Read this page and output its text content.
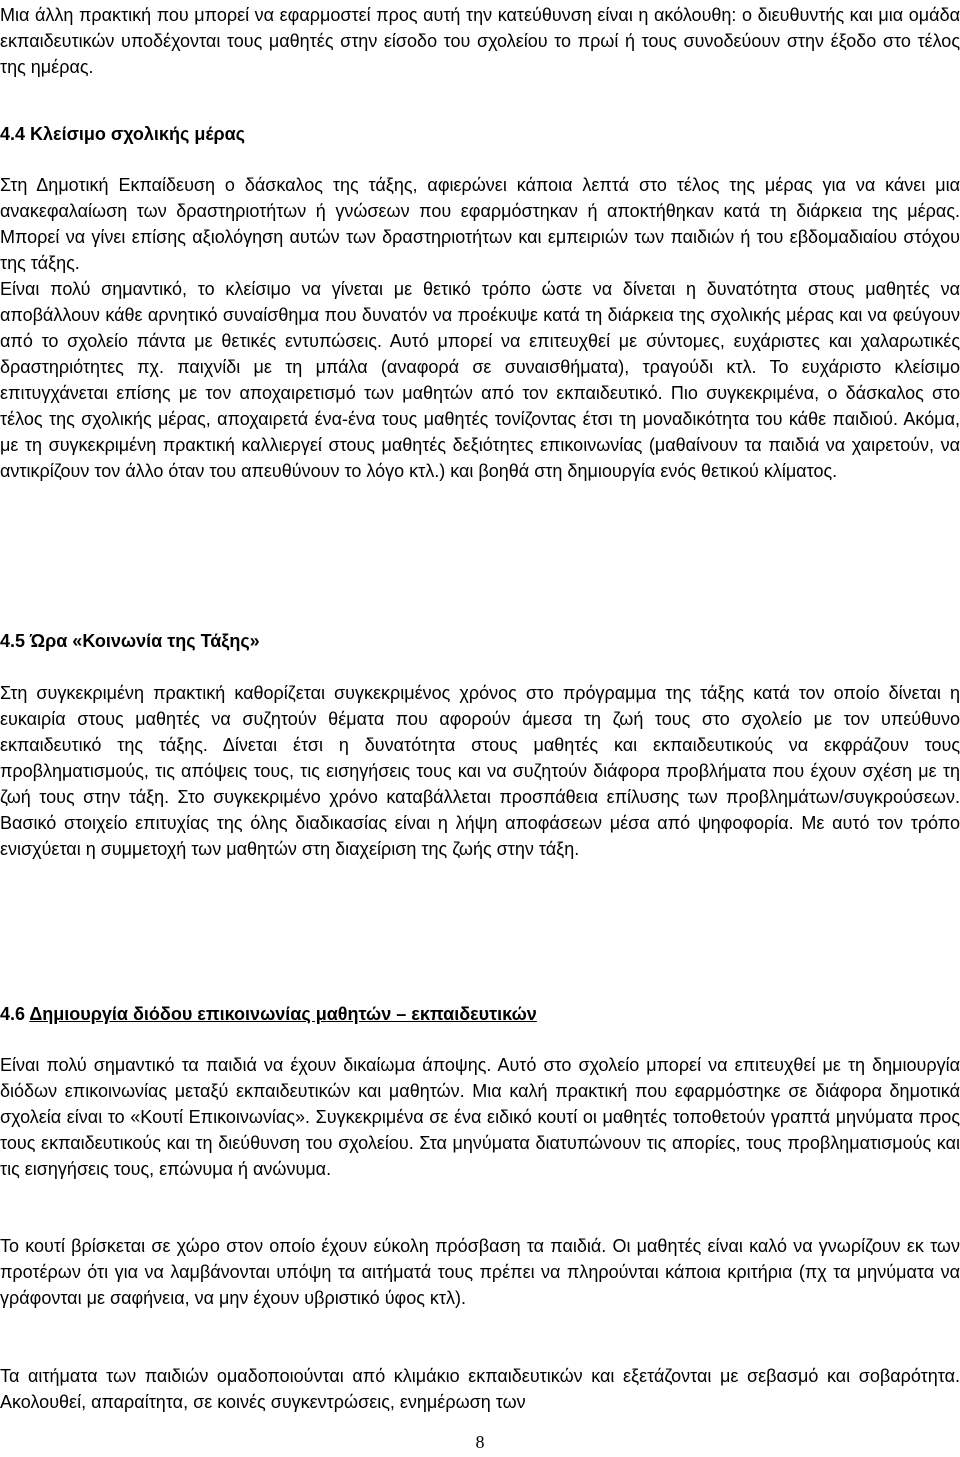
Μια άλλη πρακτική που μπορεί να εφαρμοστεί προς αυτή την κατεύθυνση είναι η ακόλουθη: ο διευθυντής και μια ομάδα εκπαιδευτικών υποδέχονται τους μαθητές στην είσοδο του σχολείου το πρωί ή τους συνοδεύουν στην έξοδο στο τέλος της ημέρας.

4.4 Κλείσιμο σχολικής μέρας

Στη Δημοτική Εκπαίδευση ο δάσκαλος της τάξης, αφιερώνει κάποια λεπτά στο τέλος της μέρας για να κάνει μια ανακεφαλαίωση των δραστηριοτήτων ή γνώσεων που εφαρμόστηκαν ή αποκτήθηκαν κατά τη διάρκεια της μέρας. Μπορεί να γίνει επίσης αξιολόγηση αυτών των δραστηριοτήτων και εμπειριών των παιδιών ή του εβδομαδιαίου στόχου της τάξης.

Είναι πολύ σημαντικό, το κλείσιμο να γίνεται με θετικό τρόπο ώστε να δίνεται η δυνατότητα στους μαθητές να αποβάλλουν κάθε αρνητικό συναίσθημα που δυνατόν να προέκυψε κατά τη διάρκεια της σχολικής μέρας και να φεύγουν από το σχολείο πάντα με θετικές εντυπώσεις. Αυτό μπορεί να επιτευχθεί με σύντομες, ευχάριστες και χαλαρωτικές δραστηριότητες πχ. παιχνίδι με τη μπάλα (αναφορά σε συναισθήματα), τραγούδι κτλ. Το ευχάριστο κλείσιμο επιτυγχάνεται επίσης με τον αποχαιρετισμό των μαθητών από τον εκπαιδευτικό. Πιο συγκεκριμένα, ο δάσκαλος στο τέλος της σχολικής μέρας, αποχαιρετά ένα-ένα τους μαθητές τονίζοντας έτσι τη μοναδικότητα του κάθε παιδιού. Ακόμα, με τη συγκεκριμένη πρακτική καλλιεργεί στους μαθητές δεξιότητες επικοινωνίας (μαθαίνουν τα παιδιά να χαιρετούν, να αντικρίζουν τον άλλο όταν του απευθύνουν το λόγο κτλ.) και βοηθά στη δημιουργία ενός θετικού κλίματος.

4.5 Ώρα «Κοινωνία της Τάξης»

Στη συγκεκριμένη πρακτική καθορίζεται συγκεκριμένος χρόνος στο πρόγραμμα της τάξης κατά τον οποίο δίνεται η ευκαιρία στους μαθητές να συζητούν θέματα που αφορούν άμεσα τη ζωή τους στο σχολείο με τον υπεύθυνο εκπαιδευτικό της τάξης. Δίνεται έτσι η δυνατότητα στους μαθητές και εκπαιδευτικούς να εκφράζουν τους προβληματισμούς, τις απόψεις τους, τις εισηγήσεις τους και να συζητούν διάφορα προβλήματα που έχουν σχέση με τη ζωή τους στην τάξη. Στο συγκεκριμένο χρόνο καταβάλλεται προσπάθεια επίλυσης των προβλημάτων/συγκρούσεων. Βασικό στοιχείο επιτυχίας της όλης διαδικασίας είναι η λήψη αποφάσεων μέσα από ψηφοφορία. Με αυτό τον τρόπο ενισχύεται η συμμετοχή των μαθητών στη διαχείριση της ζωής στην τάξη.

4.6 Δημιουργία διόδου επικοινωνίας μαθητών – εκπαιδευτικών

Είναι πολύ σημαντικό τα παιδιά να έχουν δικαίωμα άποψης. Αυτό στο σχολείο μπορεί να επιτευχθεί με τη δημιουργία διόδων επικοινωνίας μεταξύ εκπαιδευτικών και μαθητών. Μια καλή πρακτική που εφαρμόστηκε σε διάφορα δημοτικά σχολεία είναι το «Κουτί Επικοινωνίας». Συγκεκριμένα σε ένα ειδικό κουτί οι μαθητές τοποθετούν γραπτά μηνύματα προς τους εκπαιδευτικούς και τη διεύθυνση του σχολείου. Στα μηνύματα διατυπώνουν τις απορίες, τους προβληματισμούς και τις εισηγήσεις τους, επώνυμα ή ανώνυμα.

Το κουτί βρίσκεται σε χώρο στον οποίο έχουν εύκολη πρόσβαση τα παιδιά. Οι μαθητές είναι καλό να γνωρίζουν εκ των προτέρων ότι για να λαμβάνονται υπόψη τα αιτήματά τους πρέπει να πληρούνται κάποια κριτήρια (πχ τα μηνύματα να γράφονται με σαφήνεια, να μην έχουν υβριστικό ύφος κτλ).

Τα αιτήματα των παιδιών ομαδοποιούνται από κλιμάκιο εκπαιδευτικών και εξετάζονται με σεβασμό και σοβαρότητα. Ακολουθεί, απαραίτητα, σε κοινές συγκεντρώσεις, ενημέρωση των

8
